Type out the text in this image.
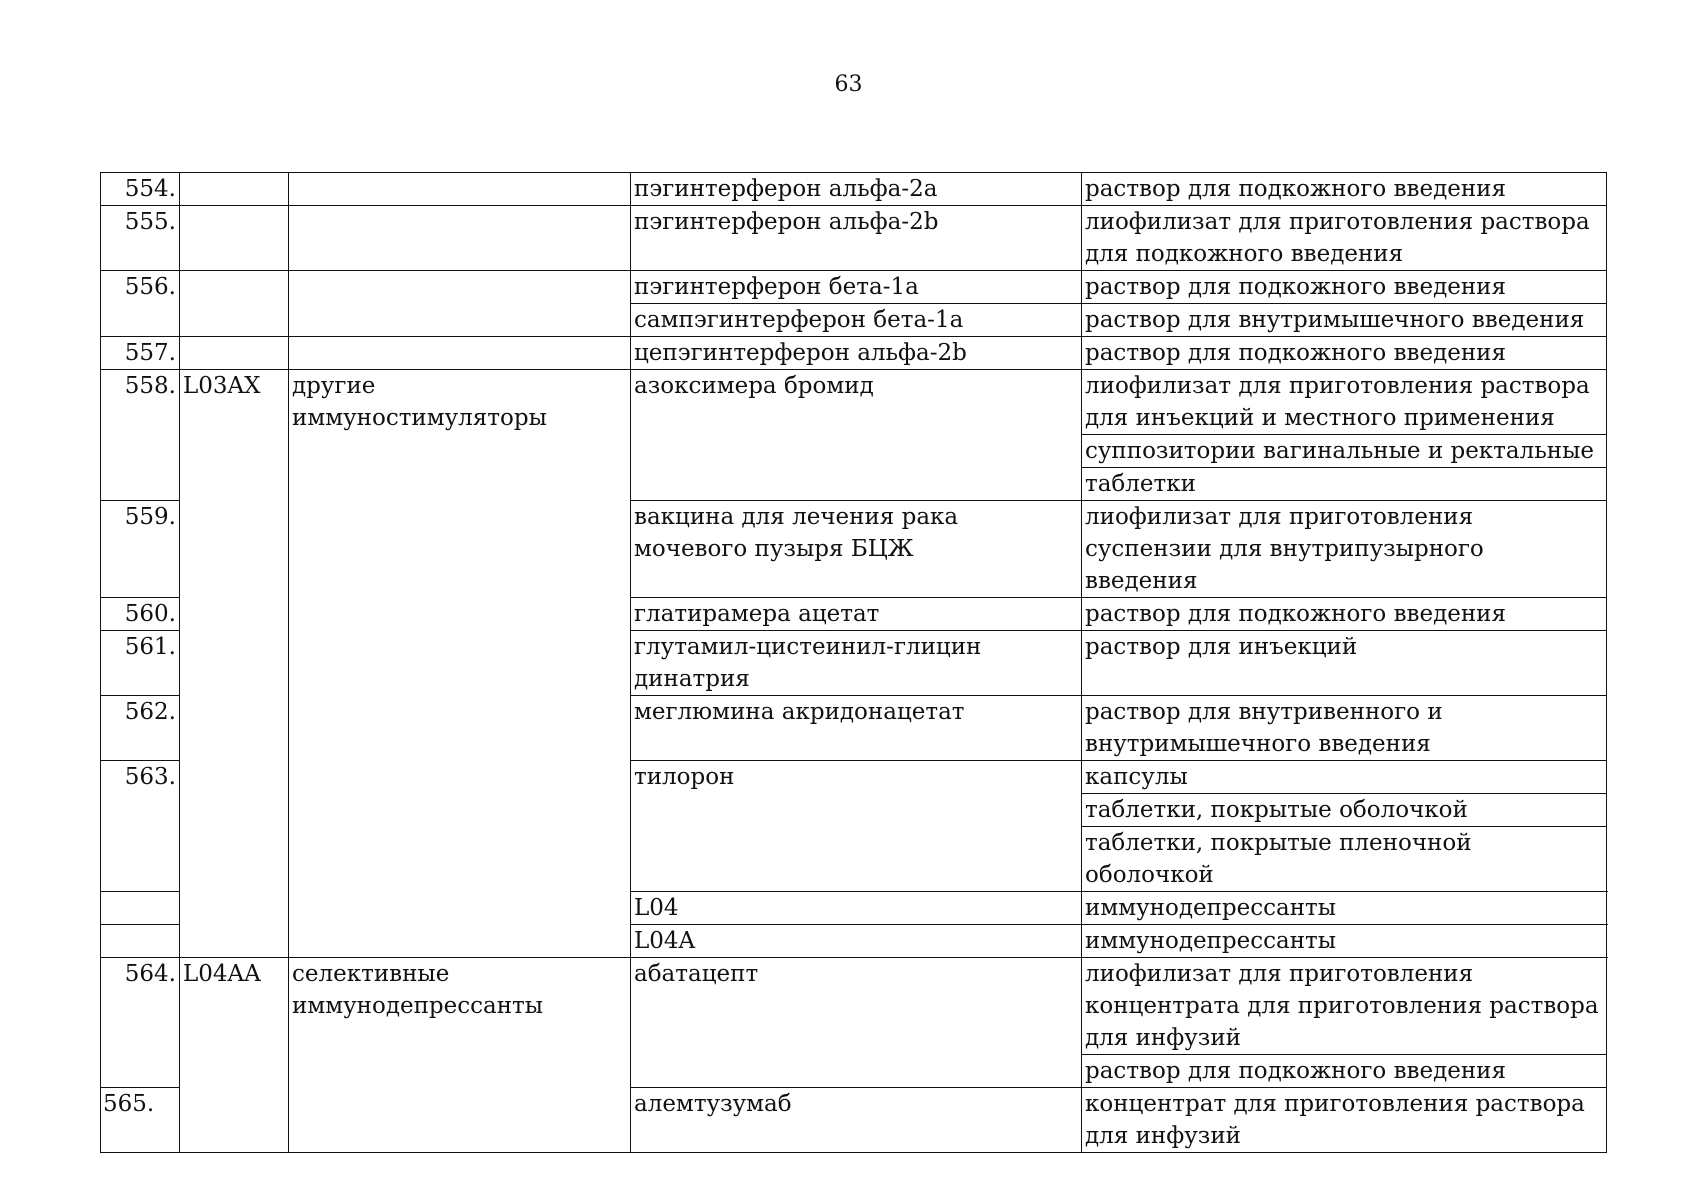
63
554.			пэгинтерферон альфа-2a	раствор для подкожного введения
555.			пэгинтерферон альфа-2b	лиофилизат для приготовления раствора для подкожного введения
556.			пэгинтерферон бета-1a	раствор для подкожного введения
			сампэгинтерферон бета-1a	раствор для внутримышечного введения
557.			цепэгинтерферон альфа-2b	раствор для подкожного введения
558.	L03AX	другие иммуностимуляторы	азоксимера бромид	лиофилизат для приготовления раствора для инъекций и местного применения
				суппозитории вагинальные и ректальные
				таблетки
559.			вакцина для лечения рака мочевого пузыря БЦЖ	лиофилизат для приготовления суспензии для внутрипузырного введения
560.			глатирамера ацетат	раствор для подкожного введения
561.			глутамил-цистеинил-глицин динатрия	раствор для инъекций
562.			меглюмина акридонацетат	раствор для внутривенного и внутримышечного введения
563.			тилорон	капсулы
				таблетки, покрытые оболочкой
				таблетки, покрытые пленочной оболочкой
			L04	иммунодепрессанты
			L04A	иммунодепрессанты
564.	L04AA	селективные иммунодепрессанты	абатацепт	лиофилизат для приготовления концентрата для приготовления раствора для инфузий
				раствор для подкожного введения
565.			алемтузумаб	концентрат для приготовления раствора для инфузий
